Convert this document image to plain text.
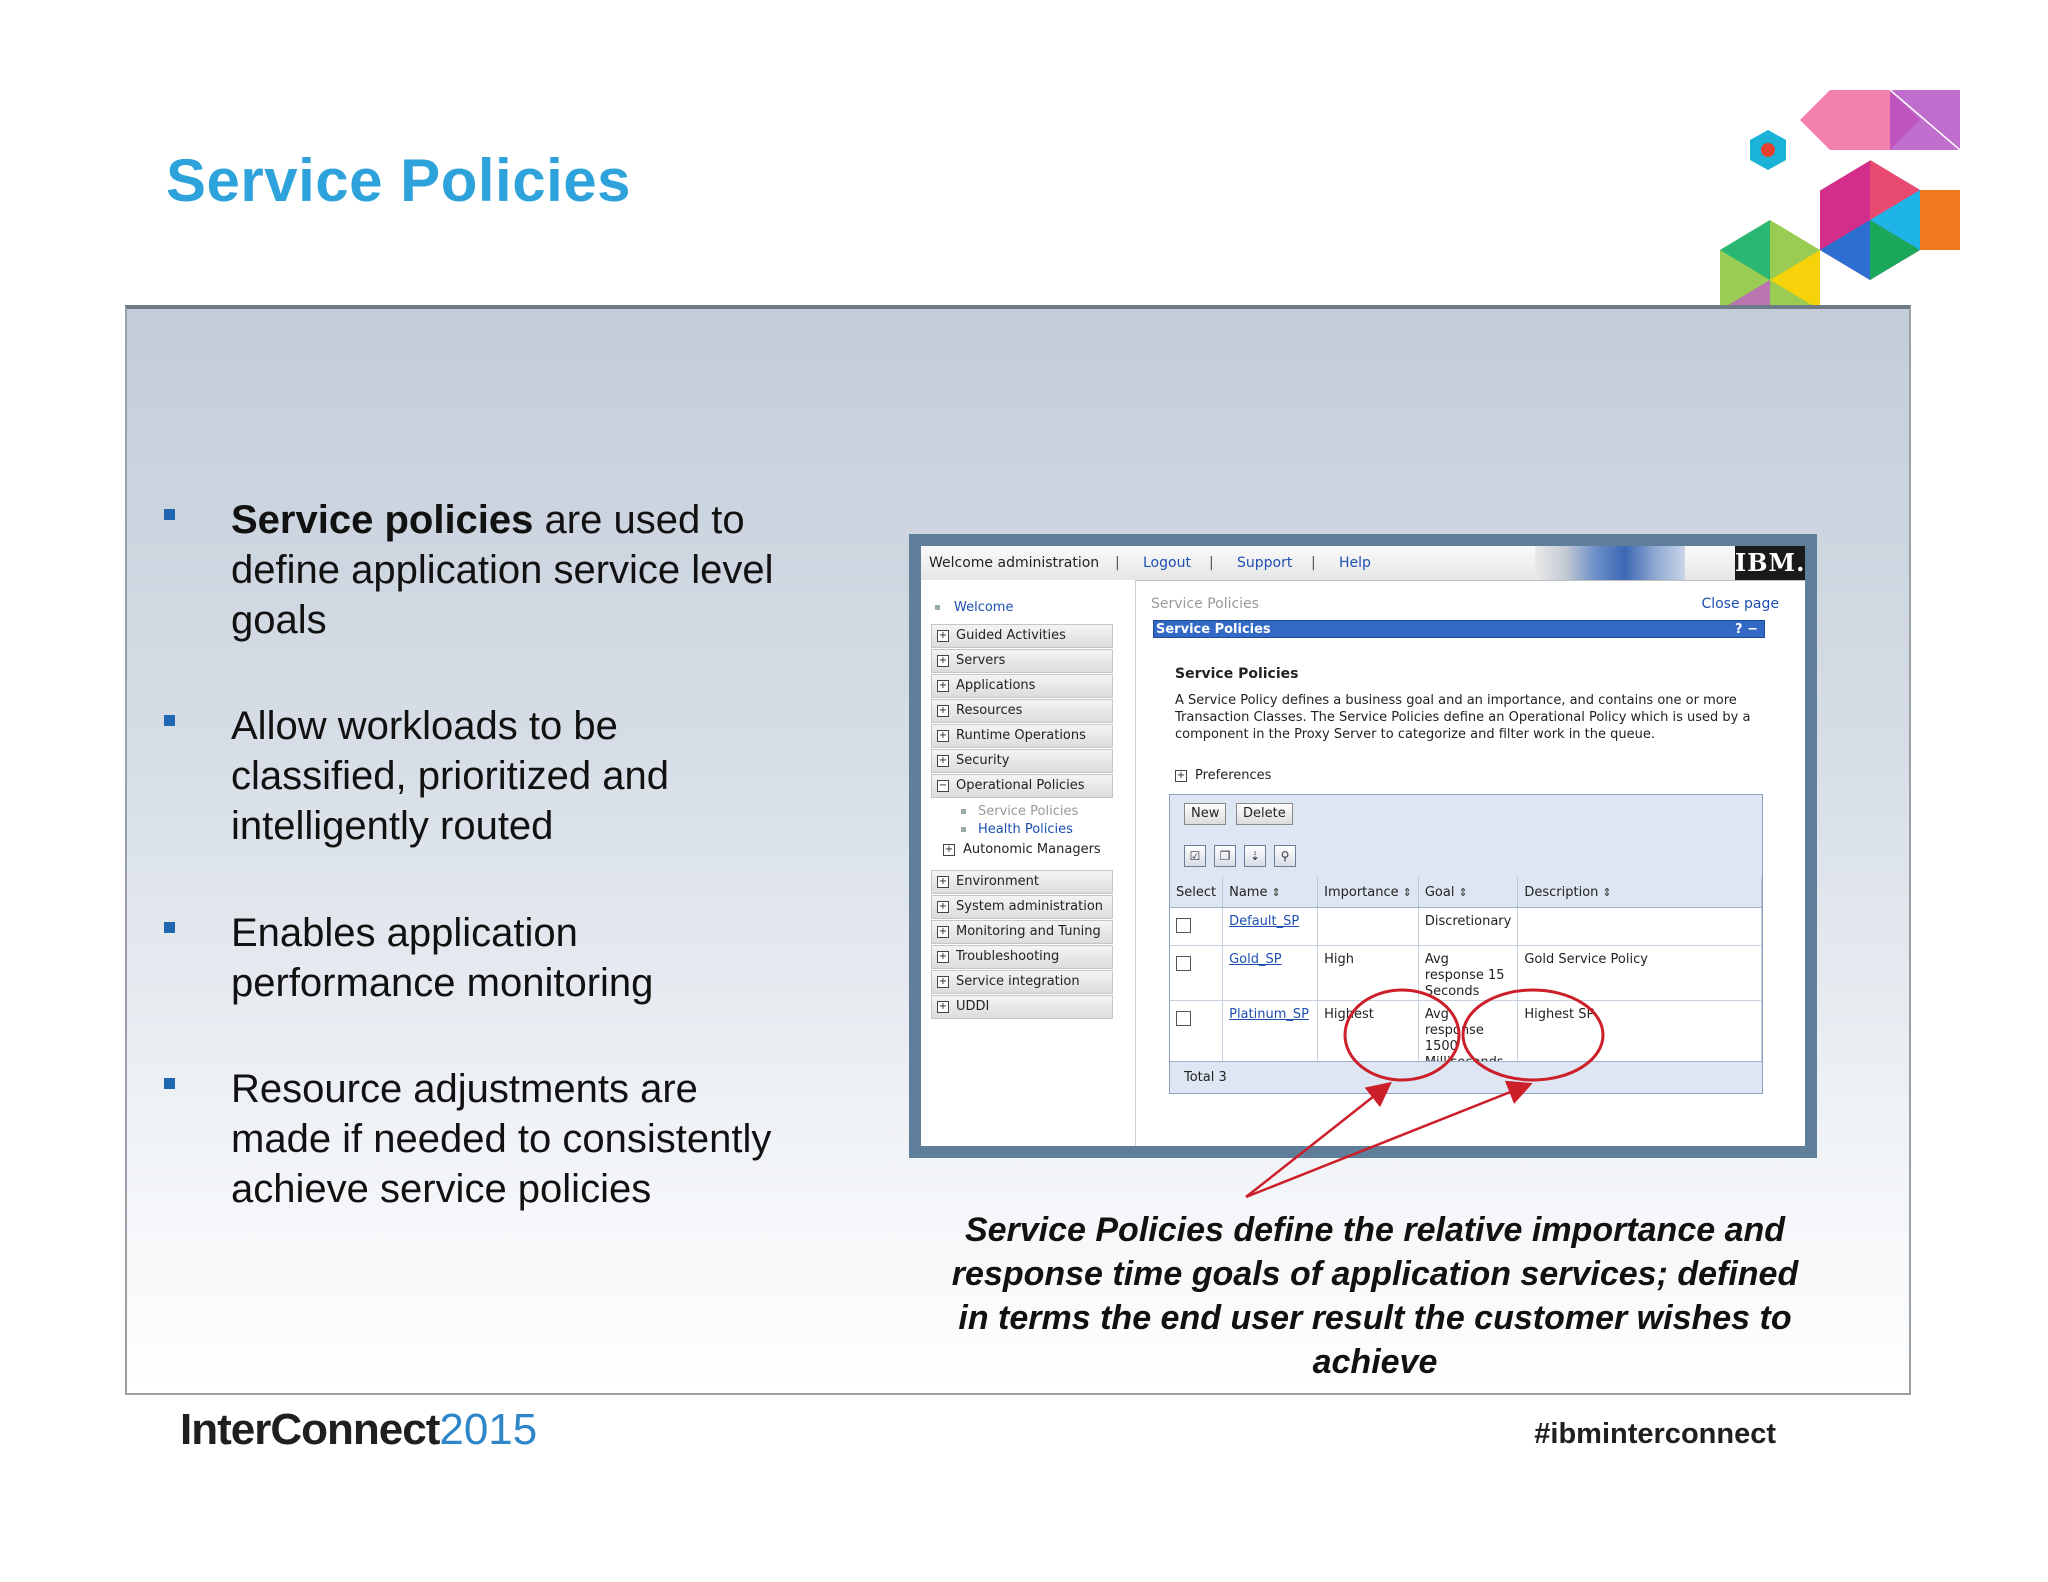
Service Policies
Service policies are used to define application service level goals
Allow workloads to be classified, prioritized and intelligently routed
Enables application performance monitoring
Resource adjustments are made if needed to consistently achieve service policies
Welcome administration | Logout | Support | Help	IBM.
Welcome
+ Guided Activities
+ Servers
+ Applications
+ Resources
+ Runtime Operations
+ Security
− Operational Policies
Service Policies
Health Policies
+ Autonomic Managers
+ Environment
+ System administration
+ Monitoring and Tuning
+ Troubleshooting
+ Service integration
+ UDDI
Service Policies	Close page
Service Policies	? −
Service Policies
A Service Policy defines a business goal and an importance, and contains one or more Transaction Classes. The Service Policies define an Operational Policy which is used by a component in the Proxy Server to categorize and filter work in the queue.
+ Preferences
New	Delete
☑	❐	⇣	⚲
Select	Name ⇕	Importance ⇕	Goal ⇕	Description ⇕
	Default_SP		Discretionary	
	Gold_SP	High	Avg response 15 Seconds	Gold Service Policy
	Platinum_SP	Highest	Avg response 1500	Highest SP
Total 3
Service Policies define the relative importance and response time goals of application services; defined in terms the end user result the customer wishes to achieve
InterConnect2015	#ibminterconnect
